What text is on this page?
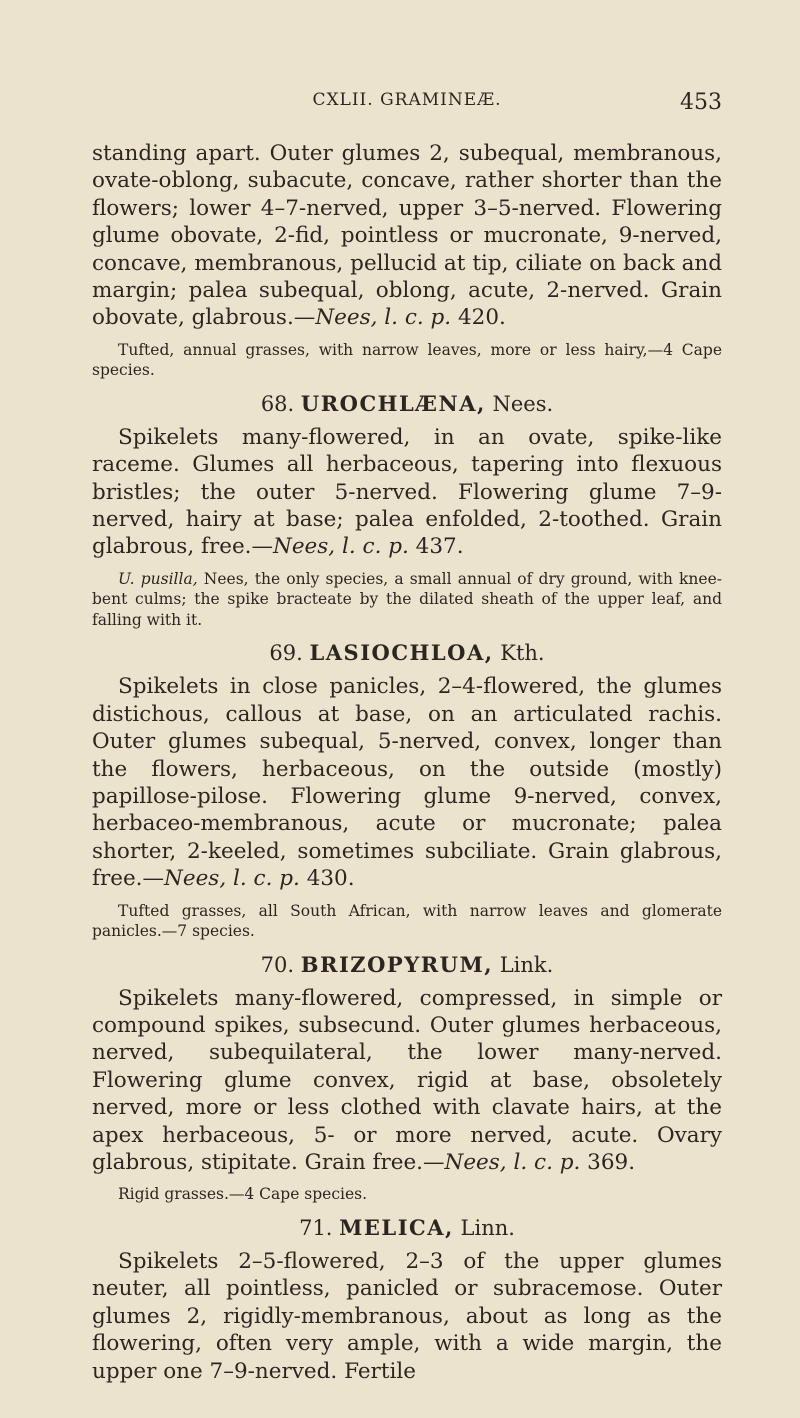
CXLII. GRAMINEÆ.	453

standing apart. Outer glumes 2, subequal, membranous, ovate-oblong, subacute, concave, rather shorter than the flowers; lower 4–7-nerved, upper 3–5-nerved. Flowering glume obovate, 2-fid, pointless or mucronate, 9-nerved, concave, membranous, pellucid at tip, ciliate on back and margin; palea subequal, oblong, acute, 2-nerved. Grain obovate, glabrous.—Nees, l. c. p. 420.

Tufted, annual grasses, with narrow leaves, more or less hairy,—4 Cape species.

68. UROCHLÆNA, Nees.

Spikelets many-flowered, in an ovate, spike-like raceme. Glumes all herbaceous, tapering into flexuous bristles; the outer 5-nerved. Flowering glume 7–9-nerved, hairy at base; palea enfolded, 2-toothed. Grain glabrous, free.—Nees, l. c. p. 437.

U. pusilla, Nees, the only species, a small annual of dry ground, with knee-bent culms; the spike bracteate by the dilated sheath of the upper leaf, and falling with it.

69. LASIOCHLOA, Kth.

Spikelets in close panicles, 2–4-flowered, the glumes distichous, callous at base, on an articulated rachis. Outer glumes subequal, 5-nerved, convex, longer than the flowers, herbaceous, on the outside (mostly) papillose-pilose. Flowering glume 9-nerved, convex, herbaceo-membranous, acute or mucronate; palea shorter, 2-keeled, sometimes subciliate. Grain glabrous, free.—Nees, l. c. p. 430.

Tufted grasses, all South African, with narrow leaves and glomerate panicles.—7 species.

70. BRIZOPYRUM, Link.

Spikelets many-flowered, compressed, in simple or compound spikes, subsecund. Outer glumes herbaceous, nerved, subequilateral, the lower many-nerved. Flowering glume convex, rigid at base, obsoletely nerved, more or less clothed with clavate hairs, at the apex herbaceous, 5- or more nerved, acute. Ovary glabrous, stipitate. Grain free.—Nees, l. c. p. 369.

Rigid grasses.—4 Cape species.

71. MELICA, Linn.

Spikelets 2–5-flowered, 2–3 of the upper glumes neuter, all pointless, panicled or subracemose. Outer glumes 2, rigidly-membranous, about as long as the flowering, often very ample, with a wide margin, the upper one 7–9-nerved. Fertile
